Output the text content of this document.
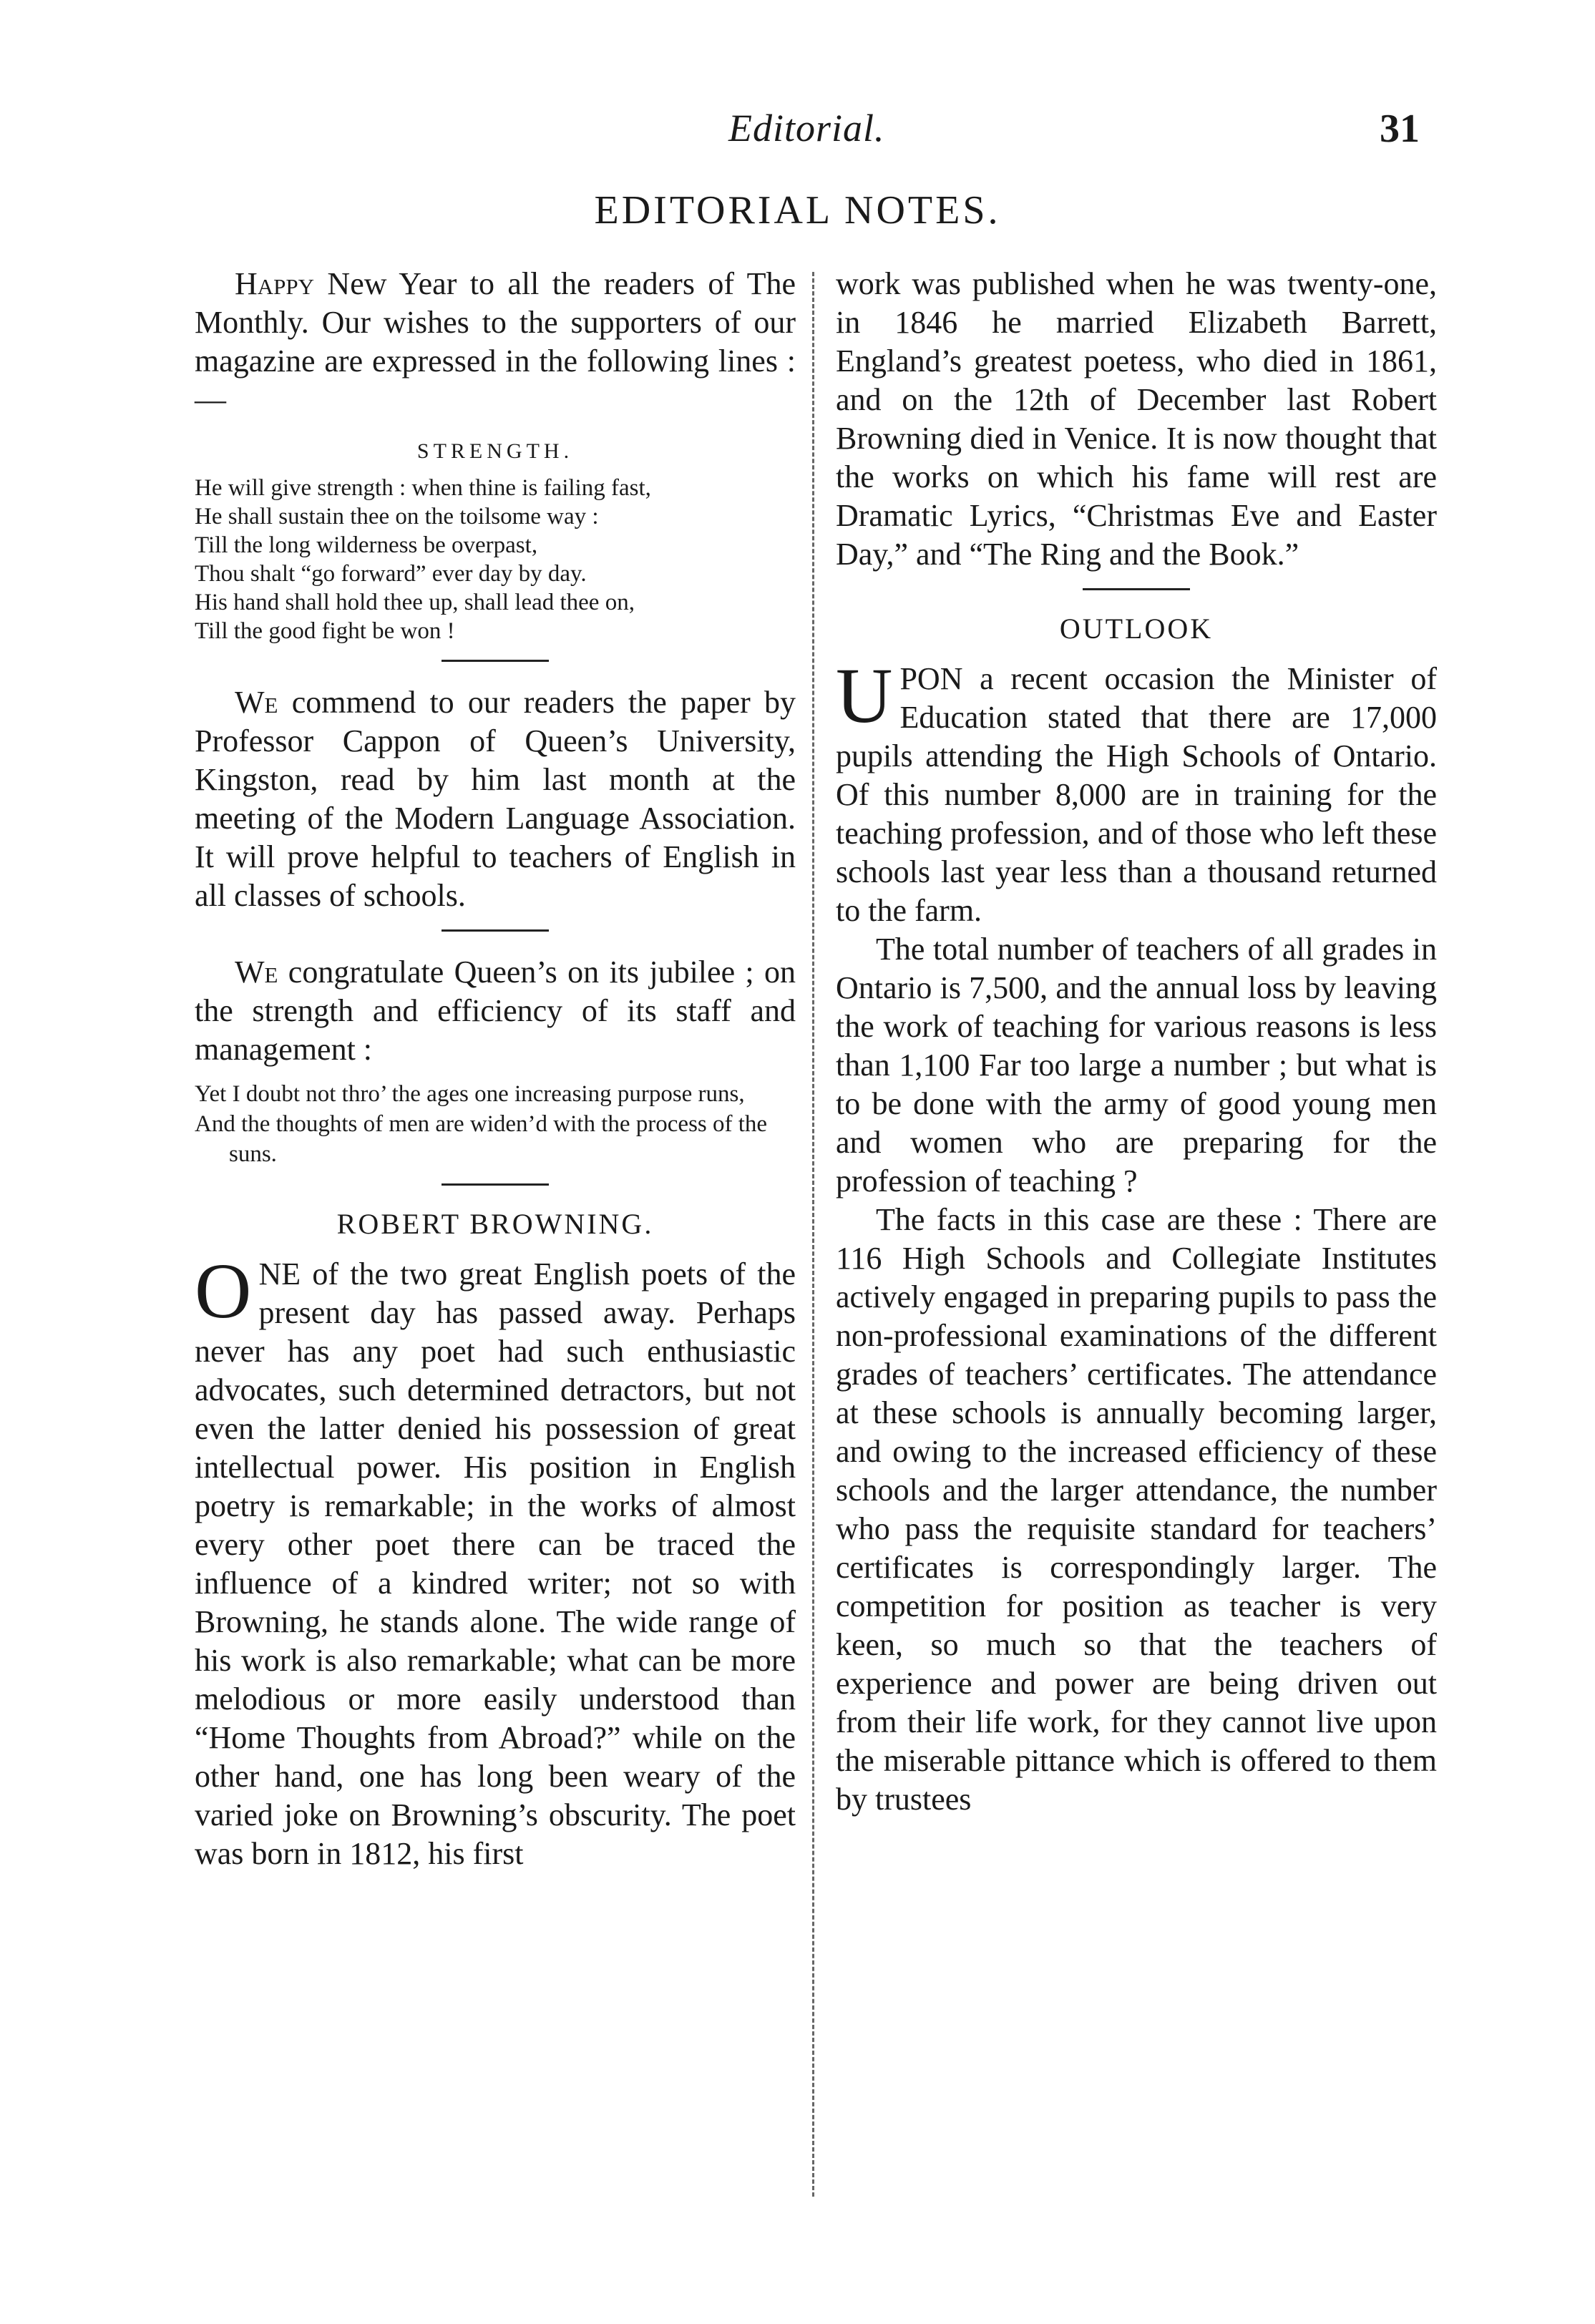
Editorial.	31
EDITORIAL NOTES.

Happy New Year to all the readers of The Monthly. Our wishes to the supporters of our magazine are expressed in the following lines :—

STRENGTH.
He will give strength : when thine is failing fast,
He shall sustain thee on the toilsome way :
Till the long wilderness be overpast,
Thou shalt “go forward” ever day by day.
His hand shall hold thee up, shall lead thee on,
Till the good fight be won !

We commend to our readers the paper by Professor Cappon of Queen’s University, Kingston, read by him last month at the meeting of the Modern Language Association. It will prove helpful to teachers of English in all classes of schools.

We congratulate Queen’s on its jubilee ; on the strength and efficiency of its staff and management :

Yet I doubt not thro’ the ages one increasing purpose runs,
And the thoughts of men are widen’d with the process of the suns.
ROBERT BROWNING.

ONE of the two great English poets of the present day has passed away. Perhaps never has any poet had such enthusiastic advocates, such determined detractors, but not even the latter denied his possession of great intellectual power. His position in English poetry is remarkable; in the works of almost every other poet there can be traced the influence of a kindred writer; not so with Browning, he stands alone. The wide range of his work is also remarkable; what can be more melodious or more easily understood than “Home Thoughts from Abroad?” while on the other hand, one has long been weary of the varied joke on Browning’s obscurity. The poet was born in 1812, his first

work was published when he was twenty-one, in 1846 he married Elizabeth Barrett, England’s greatest poetess, who died in 1861, and on the 12th of December last Robert Browning died in Venice. It is now thought that the works on which his fame will rest are Dramatic Lyrics, “Christmas Eve and Easter Day,” and “The Ring and the Book.”

OUTLOOK

UPON a recent occasion the Minister of Education stated that there are 17,000 pupils attending the High Schools of Ontario. Of this number 8,000 are in training for the teaching profession, and of those who left these schools last year less than a thousand returned to the farm.

The total number of teachers of all grades in Ontario is 7,500, and the annual loss by leaving the work of teaching for various reasons is less than 1,100 Far too large a number ; but what is to be done with the army of good young men and women who are preparing for the profession of teaching ?

The facts in this case are these : There are 116 High Schools and Collegiate Institutes actively engaged in preparing pupils to pass the non-professional examinations of the different grades of teachers’ certificates. The attendance at these schools is annually becoming larger, and owing to the increased efficiency of these schools and the larger attendance, the number who pass the requisite standard for teachers’ certificates is correspondingly larger. The competition for position as teacher is very keen, so much so that the teachers of experience and power are being driven out from their life work, for they cannot live upon the miserable pittance which is offered to them by trustees
